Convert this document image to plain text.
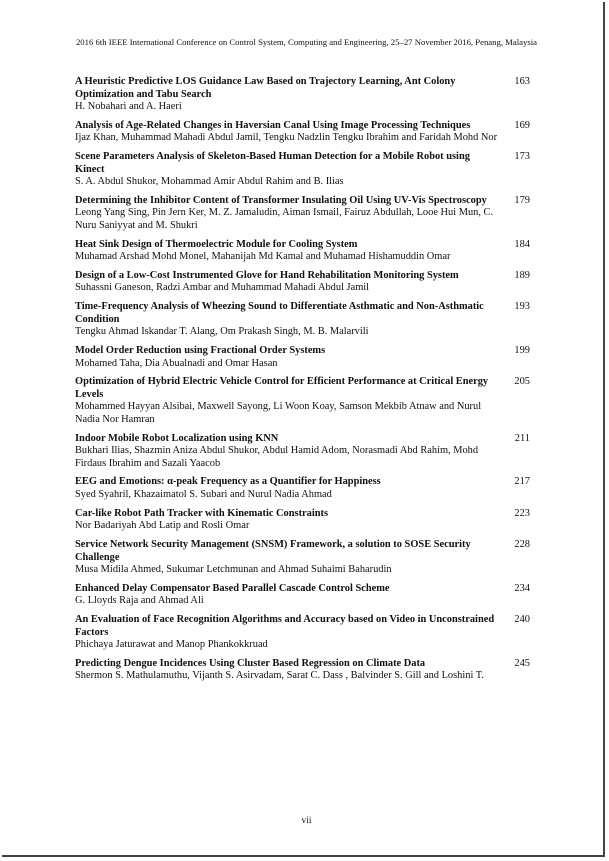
2016 6th IEEE International Conference on Control System, Computing and Engineering, 25–27 November 2016, Penang, Malaysia
A Heuristic Predictive LOS Guidance Law Based on Trajectory Learning, Ant Colony Optimization and Tabu Search
H. Nobahari and A. Haeri
163
Analysis of Age-Related Changes in Haversian Canal Using Image Processing Techniques
Ijaz Khan, Muhammad Mahadi Abdul Jamil, Tengku Nadzlin Tengku Ibrahim and Faridah Mohd Nor
169
Scene Parameters Analysis of Skeleton-Based Human Detection for a Mobile Robot using Kinect
S. A. Abdul Shukor, Mohammad Amir Abdul Rahim and B. Ilias
173
Determining the Inhibitor Content of Transformer Insulating Oil Using UV-Vis Spectroscopy
Leong Yang Sing, Pin Jern Ker, M. Z. Jamaludin, Aiman Ismail, Fairuz Abdullah, Looe Hui Mun, C. Nuru Saniyyat and M. Shukri
179
Heat Sink Design of Thermoelectric Module for Cooling System
Muhamad Arshad Mohd Monel, Mahanijah Md Kamal and Muhamad Hishamuddin Omar
184
Design of a Low-Cost Instrumented Glove for Hand Rehabilitation Monitoring System
Suhassni Ganeson, Radzi Ambar and Muhammad Mahadi Abdul Jamil
189
Time-Frequency Analysis of Wheezing Sound to Differentiate Asthmatic and Non-Asthmatic Condition
Tengku Ahmad Iskandar T. Alang, Om Prakash Singh, M. B. Malarvili
193
Model Order Reduction using Fractional Order Systems
Mohamed Taha, Dia Abualnadi and Omar Hasan
199
Optimization of Hybrid Electric Vehicle Control for Efficient Performance at Critical Energy Levels
Mohammed Hayyan Alsibai, Maxwell Sayong, Li Woon Koay, Samson Mekbib Atnaw and Nurul Nadia Nor Hamran
205
Indoor Mobile Robot Localization using KNN
Bukhari Ilias, Shazmin Aniza Abdul Shukor, Abdul Hamid Adom, Norasmadi Abd Rahim, Mohd Firdaus Ibrahim and Sazali Yaacob
211
EEG and Emotions: α-peak Frequency as a Quantifier for Happiness
Syed Syahril, Khazaimatol S. Subari and Nurul Nadia Ahmad
217
Car-like Robot Path Tracker with Kinematic Constraints
Nor Badariyah Abd Latip and Rosli Omar
223
Service Network Security Management (SNSM) Framework, a solution to SOSE Security Challenge
Musa Midila Ahmed, Sukumar Letchmunan and Ahmad Suhaimi Baharudin
228
Enhanced Delay Compensator Based Parallel Cascade Control Scheme
G. Lloyds Raja and Ahmad Ali
234
An Evaluation of Face Recognition Algorithms and Accuracy based on Video in Unconstrained Factors
Phichaya Jaturawat and Manop Phankokkruad
240
Predicting Dengue Incidences Using Cluster Based Regression on Climate Data
Shermon S. Mathulamuthu, Vijanth S. Asirvadam, Sarat C. Dass , Balvinder S. Gill and Loshini T.
245
vii
